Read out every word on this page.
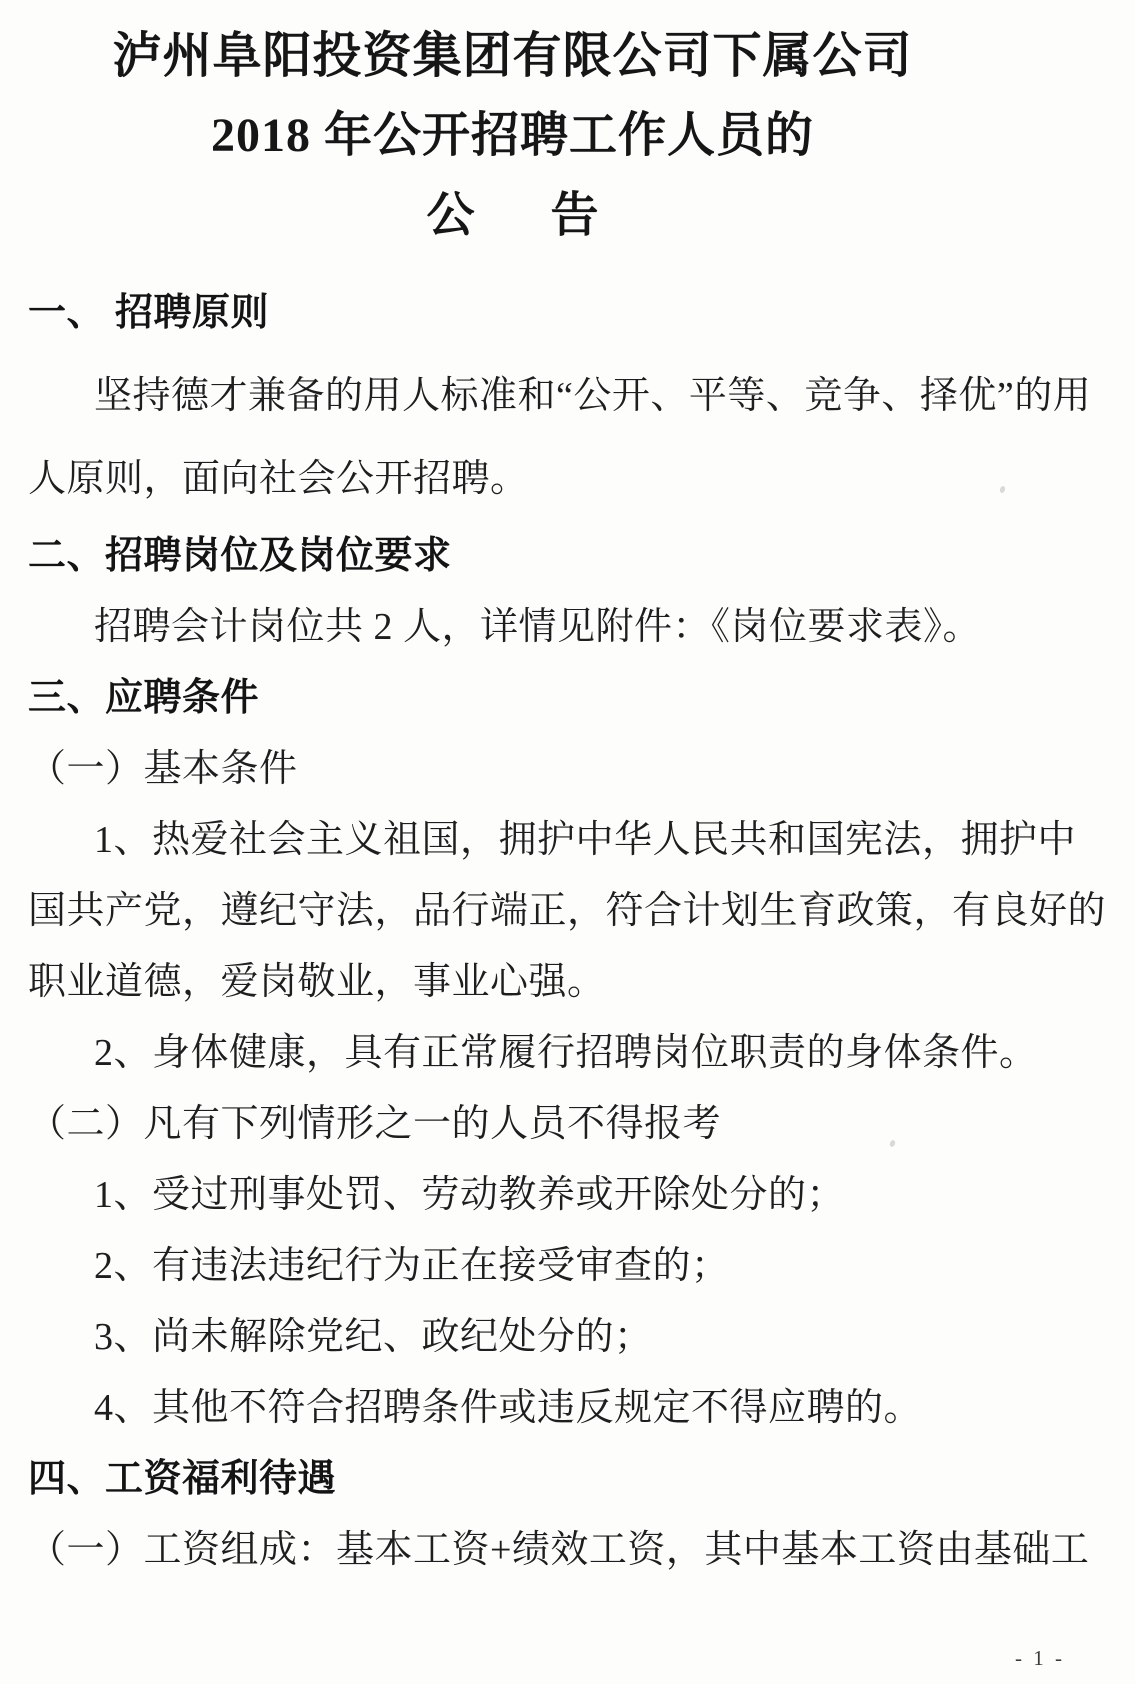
泸州阜阳投资集团有限公司下属公司
2018 年公开招聘工作人员的
公　告
一、 招聘原则
坚持德才兼备的用人标准和“公开、平等、竞争、择优”的用
人原则，面向社会公开招聘。
二、招聘岗位及岗位要求
招聘会计岗位共 2 人，详情见附件：《岗位要求表》。
三、应聘条件
（一）基本条件
1、热爱社会主义祖国，拥护中华人民共和国宪法，拥护中
国共产党，遵纪守法，品行端正，符合计划生育政策，有良好的
职业道德，爱岗敬业，事业心强。
2、身体健康，具有正常履行招聘岗位职责的身体条件。
（二）凡有下列情形之一的人员不得报考
1、受过刑事处罚、劳动教养或开除处分的；
2、有违法违纪行为正在接受审查的；
3、尚未解除党纪、政纪处分的；
4、其他不符合招聘条件或违反规定不得应聘的。
四、工资福利待遇
（一）工资组成：基本工资+绩效工资，其中基本工资由基础工
- 1 -
